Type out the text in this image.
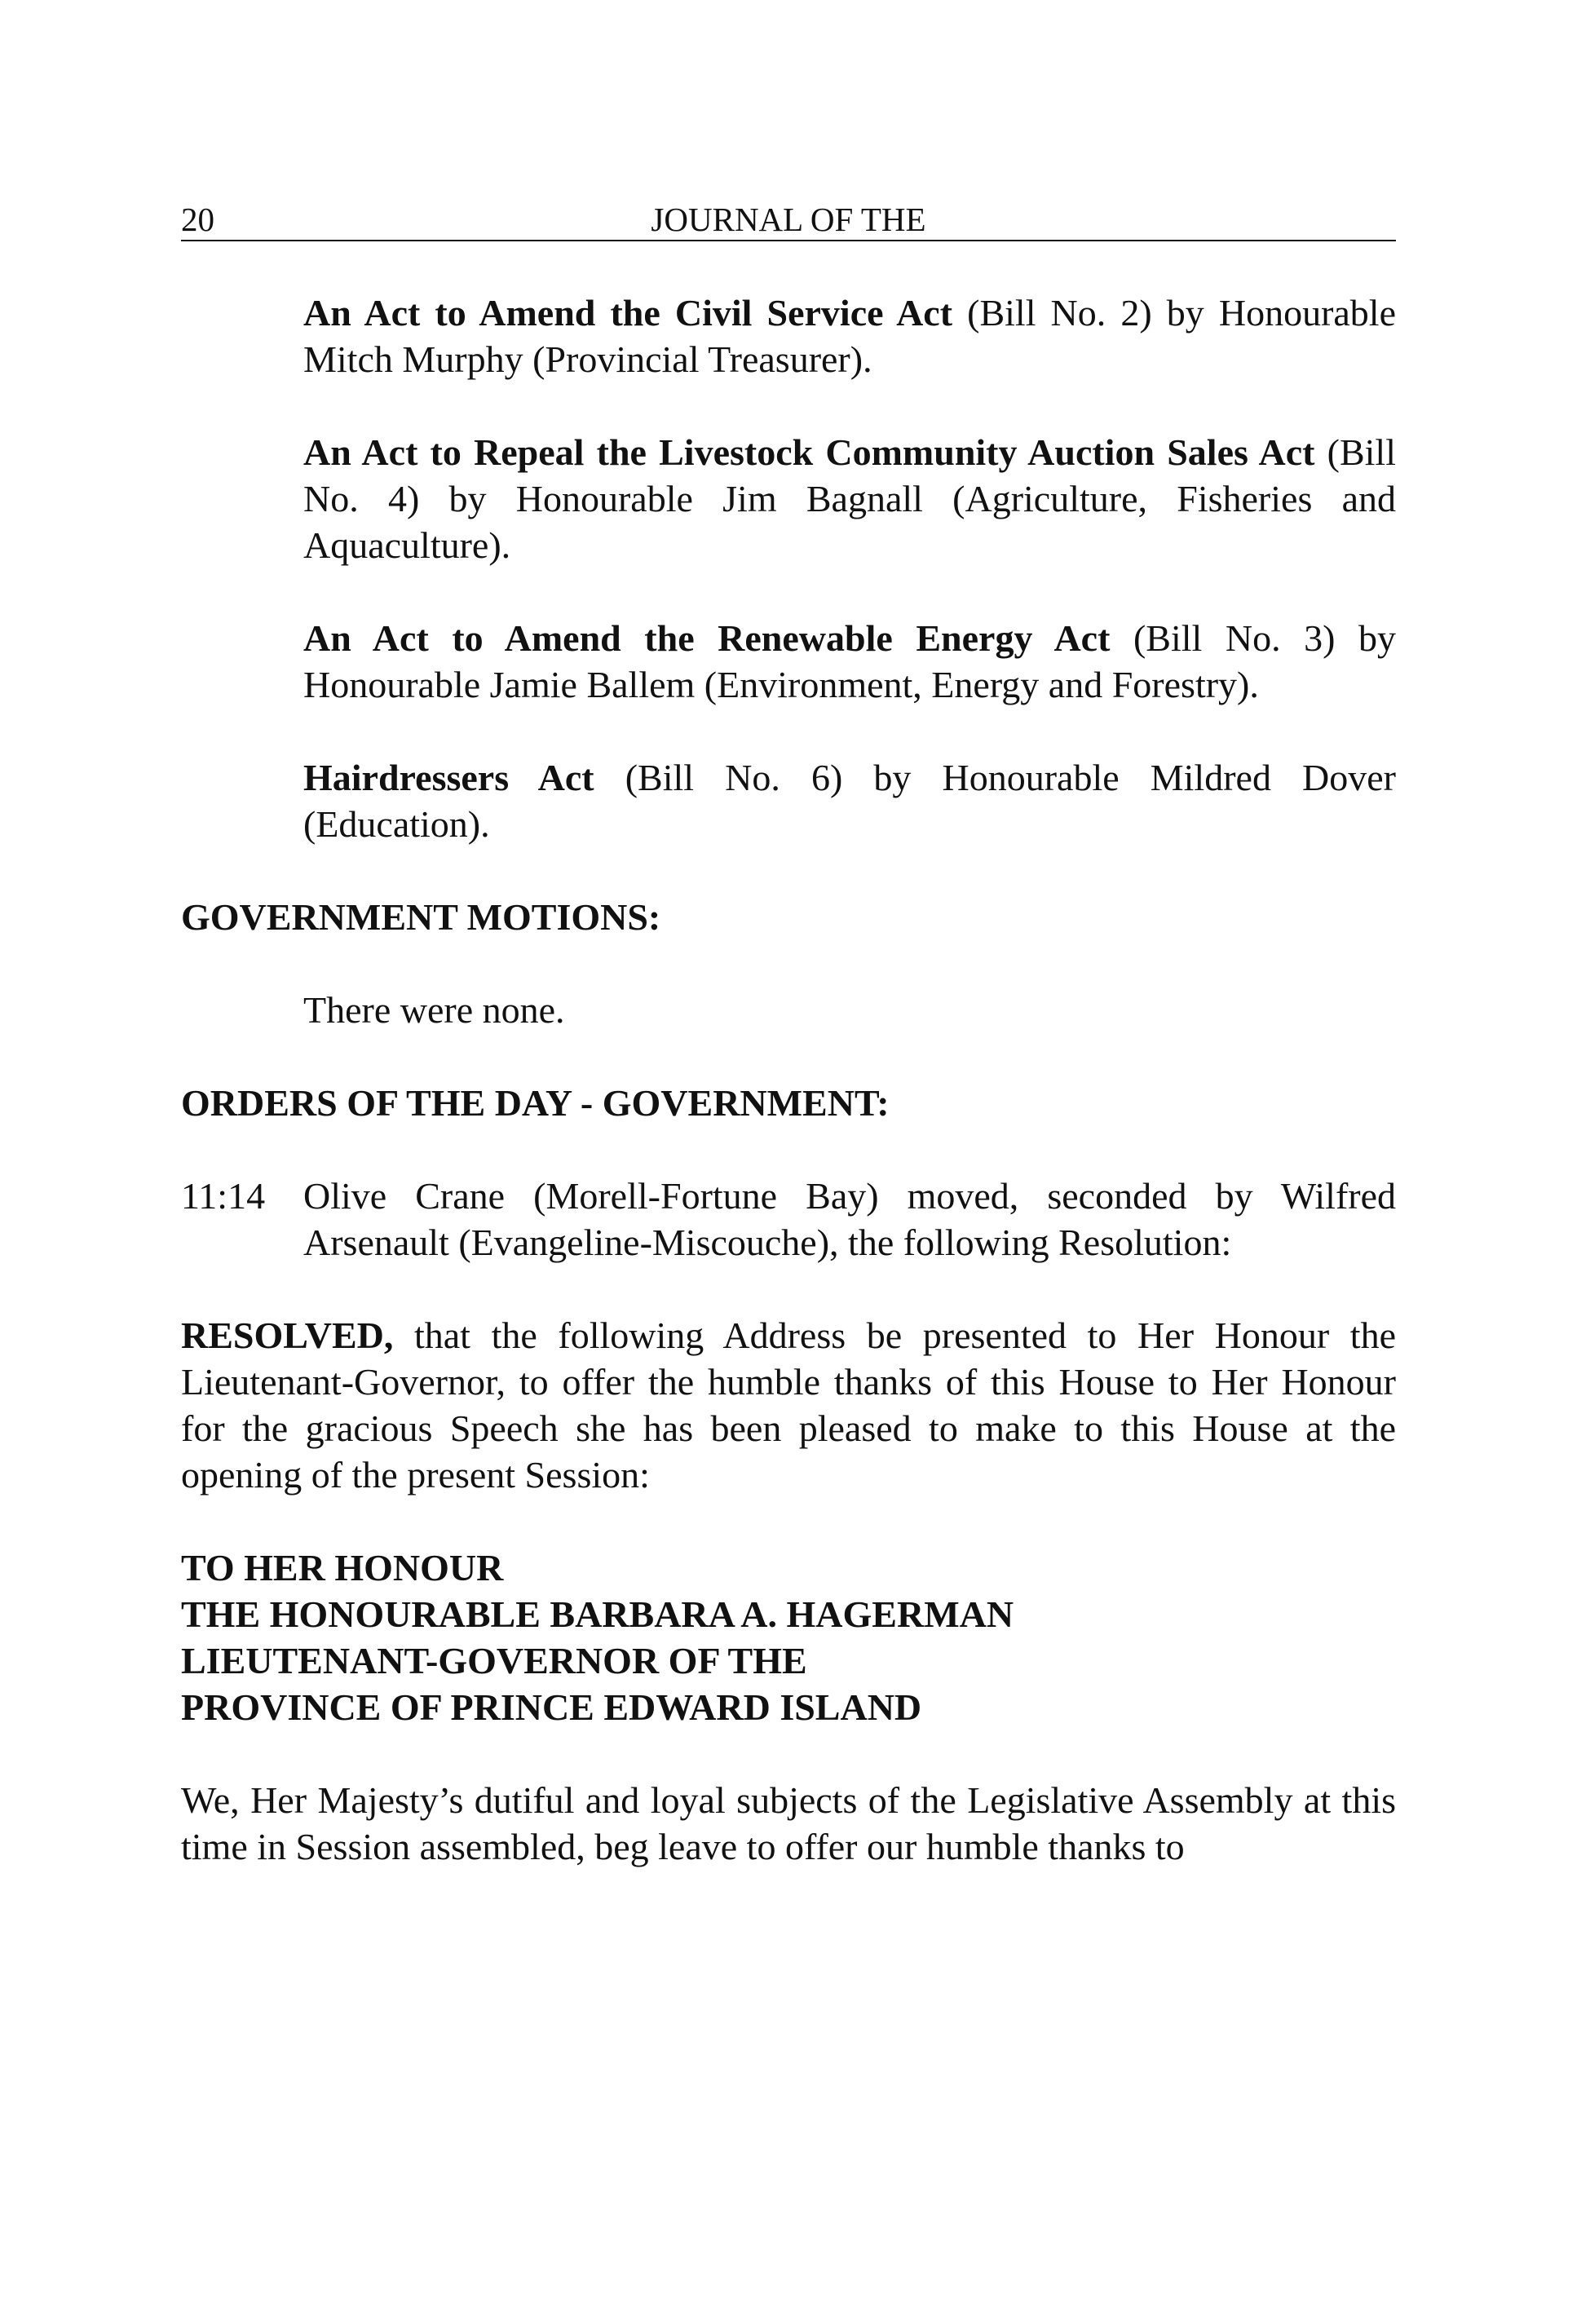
20	JOURNAL OF THE

An Act to Amend the Civil Service Act (Bill No. 2) by Honourable Mitch Murphy (Provincial Treasurer).

An Act to Repeal the Livestock Community Auction Sales Act (Bill No. 4) by Honourable Jim Bagnall (Agriculture, Fisheries and Aquaculture).

An Act to Amend the Renewable Energy Act (Bill No. 3) by Honourable Jamie Ballem (Environment, Energy and Forestry).

Hairdressers Act (Bill No. 6) by Honourable Mildred Dover (Education).

GOVERNMENT MOTIONS:

There were none.

ORDERS OF THE DAY - GOVERNMENT:

11:14 Olive Crane (Morell-Fortune Bay) moved, seconded by Wilfred Arsenault (Evangeline-Miscouche), the following Resolution:

RESOLVED, that the following Address be presented to Her Honour the Lieutenant-Governor, to offer the humble thanks of this House to Her Honour for the gracious Speech she has been pleased to make to this House at the opening of the present Session:

TO HER HONOUR
THE HONOURABLE BARBARA A. HAGERMAN
LIEUTENANT-GOVERNOR OF THE
PROVINCE OF PRINCE EDWARD ISLAND

We, Her Majesty’s dutiful and loyal subjects of the Legislative Assembly at this time in Session assembled, beg leave to offer our humble thanks to
